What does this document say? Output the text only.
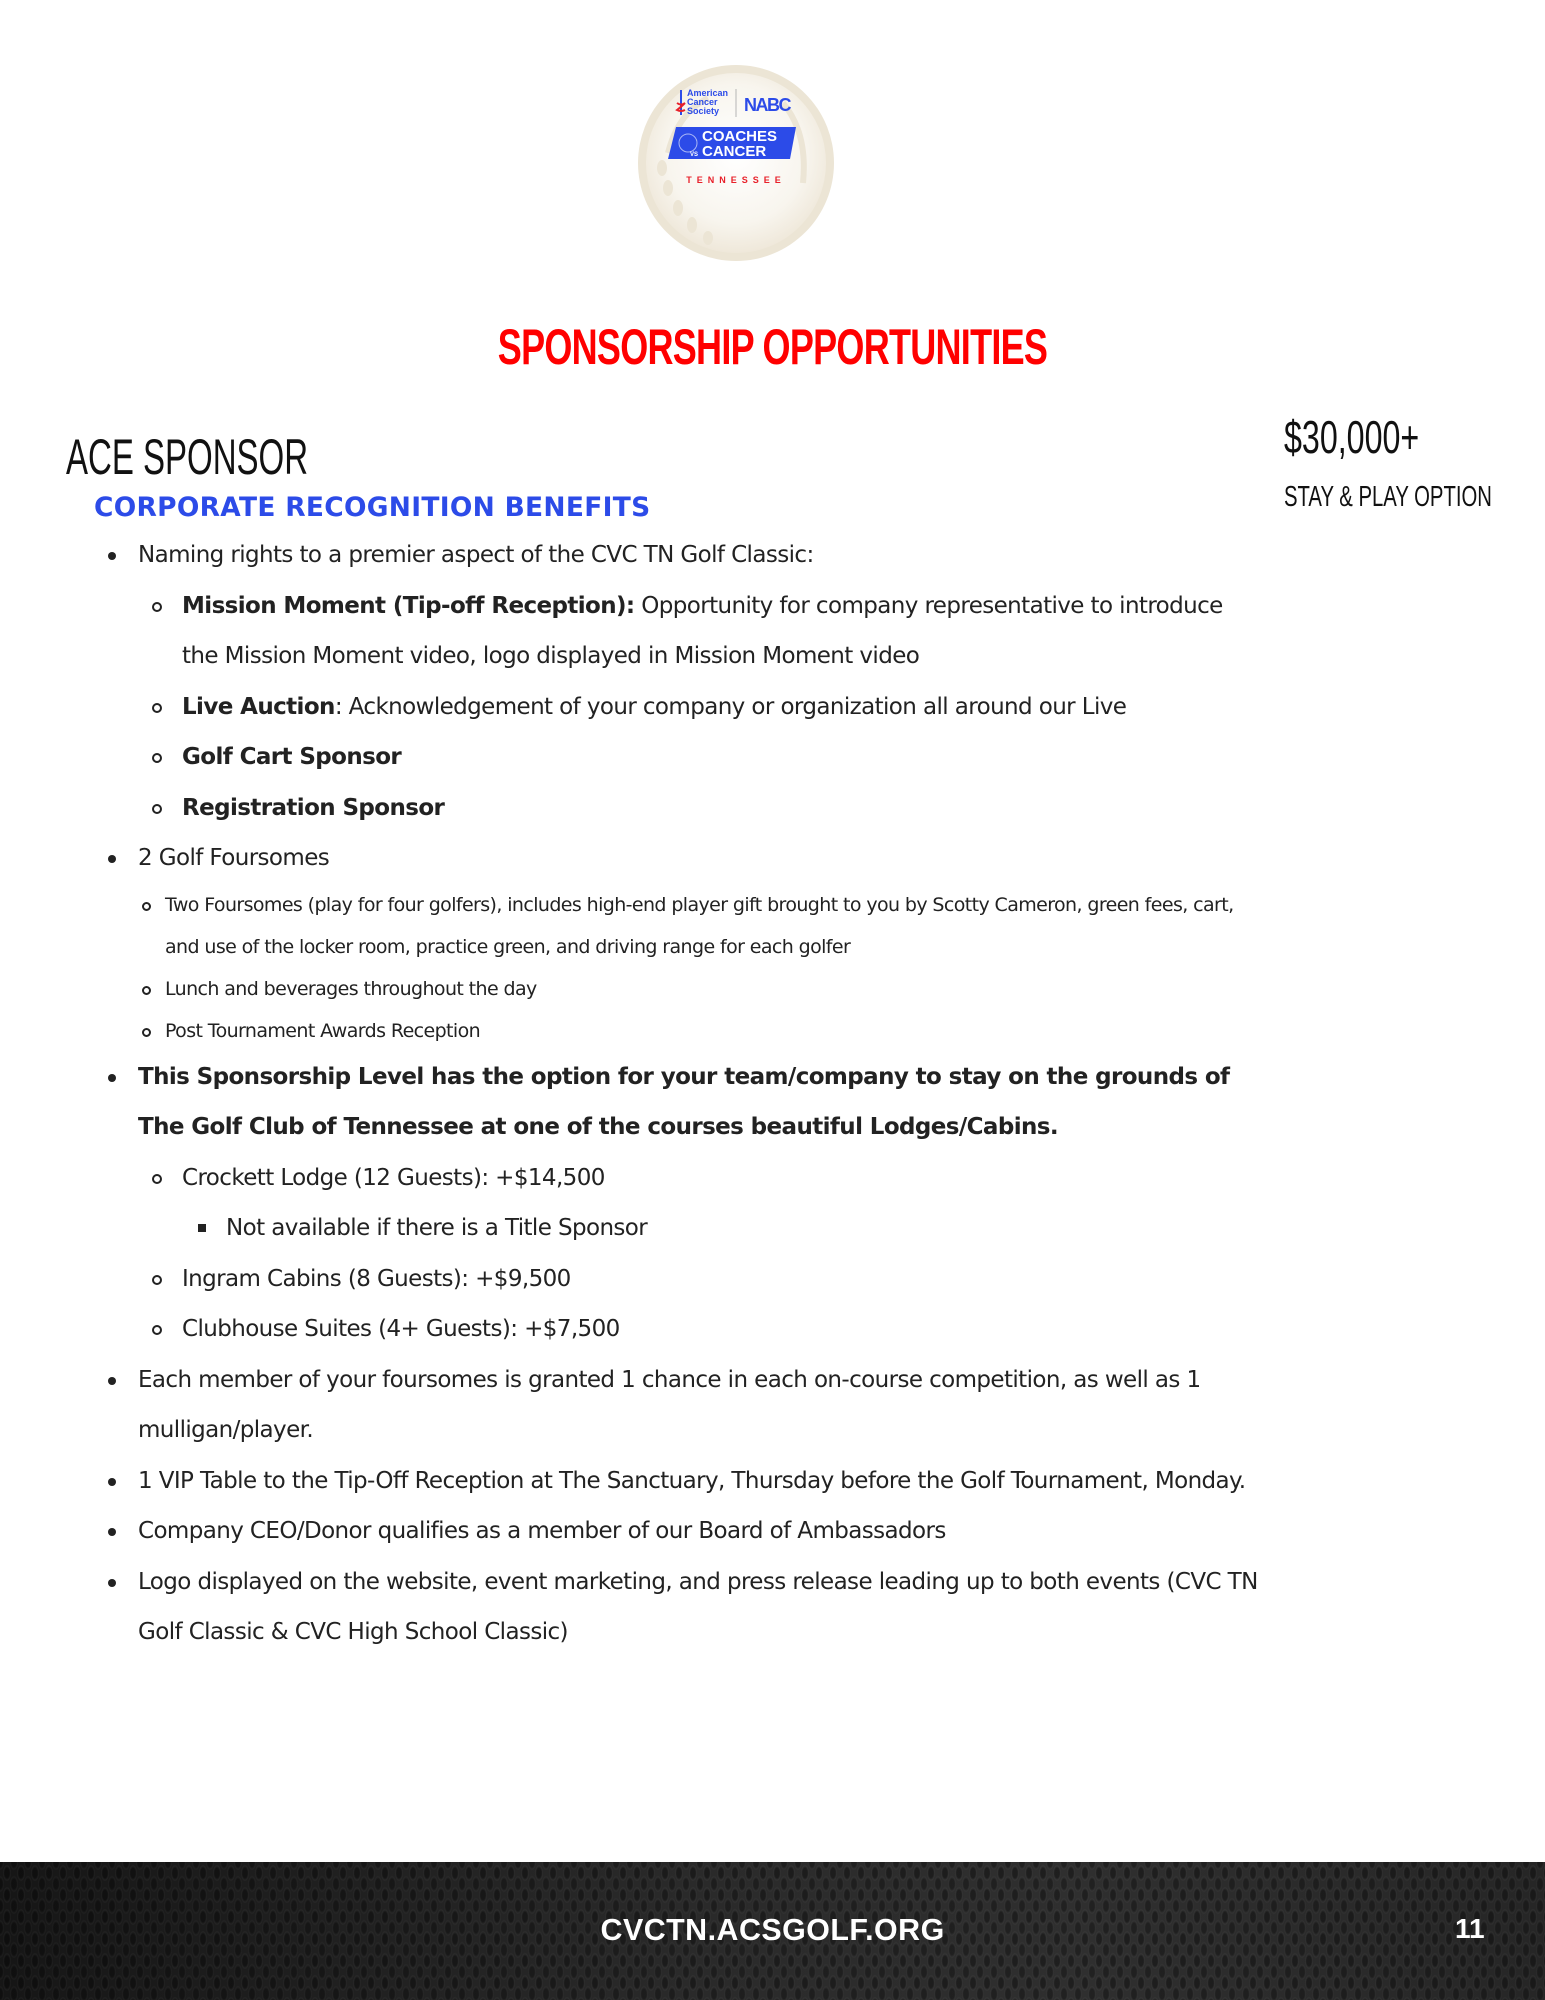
American
Cancer
Society NABC
COACHES
VS CANCER
TENNESSEE
SPONSORSHIP OPPORTUNITIES
ACE SPONSOR	$30,000+
STAY & PLAY OPTION
CORPORATE RECOGNITION BENEFITS
Naming rights to a premier aspect of the CVC TN Golf Classic:
Mission Moment (Tip-off Reception): Opportunity for company representative to introduce the Mission Moment video, logo displayed in Mission Moment video
Live Auction: Acknowledgement of your company or organization all around our Live
Golf Cart Sponsor
Registration Sponsor
2 Golf Foursomes
Two Foursomes (play for four golfers), includes high-end player gift brought to you by Scotty Cameron, green fees, cart, and use of the locker room, practice green, and driving range for each golfer
Lunch and beverages throughout the day
Post Tournament Awards Reception
This Sponsorship Level has the option for your team/company to stay on the grounds of The Golf Club of Tennessee at one of the courses beautiful Lodges/Cabins.
Crockett Lodge (12 Guests): +$14,500
Not available if there is a Title Sponsor
Ingram Cabins (8 Guests): +$9,500
Clubhouse Suites (4+ Guests): +$7,500
Each member of your foursomes is granted 1 chance in each on-course competition, as well as 1 mulligan/player.
1 VIP Table to the Tip-Off Reception at The Sanctuary, Thursday before the Golf Tournament, Monday.
Company CEO/Donor qualifies as a member of our Board of Ambassadors
Logo displayed on the website, event marketing, and press release leading up to both events (CVC TN Golf Classic & CVC High School Classic)
CVCTN.ACSGOLF.ORG	11
